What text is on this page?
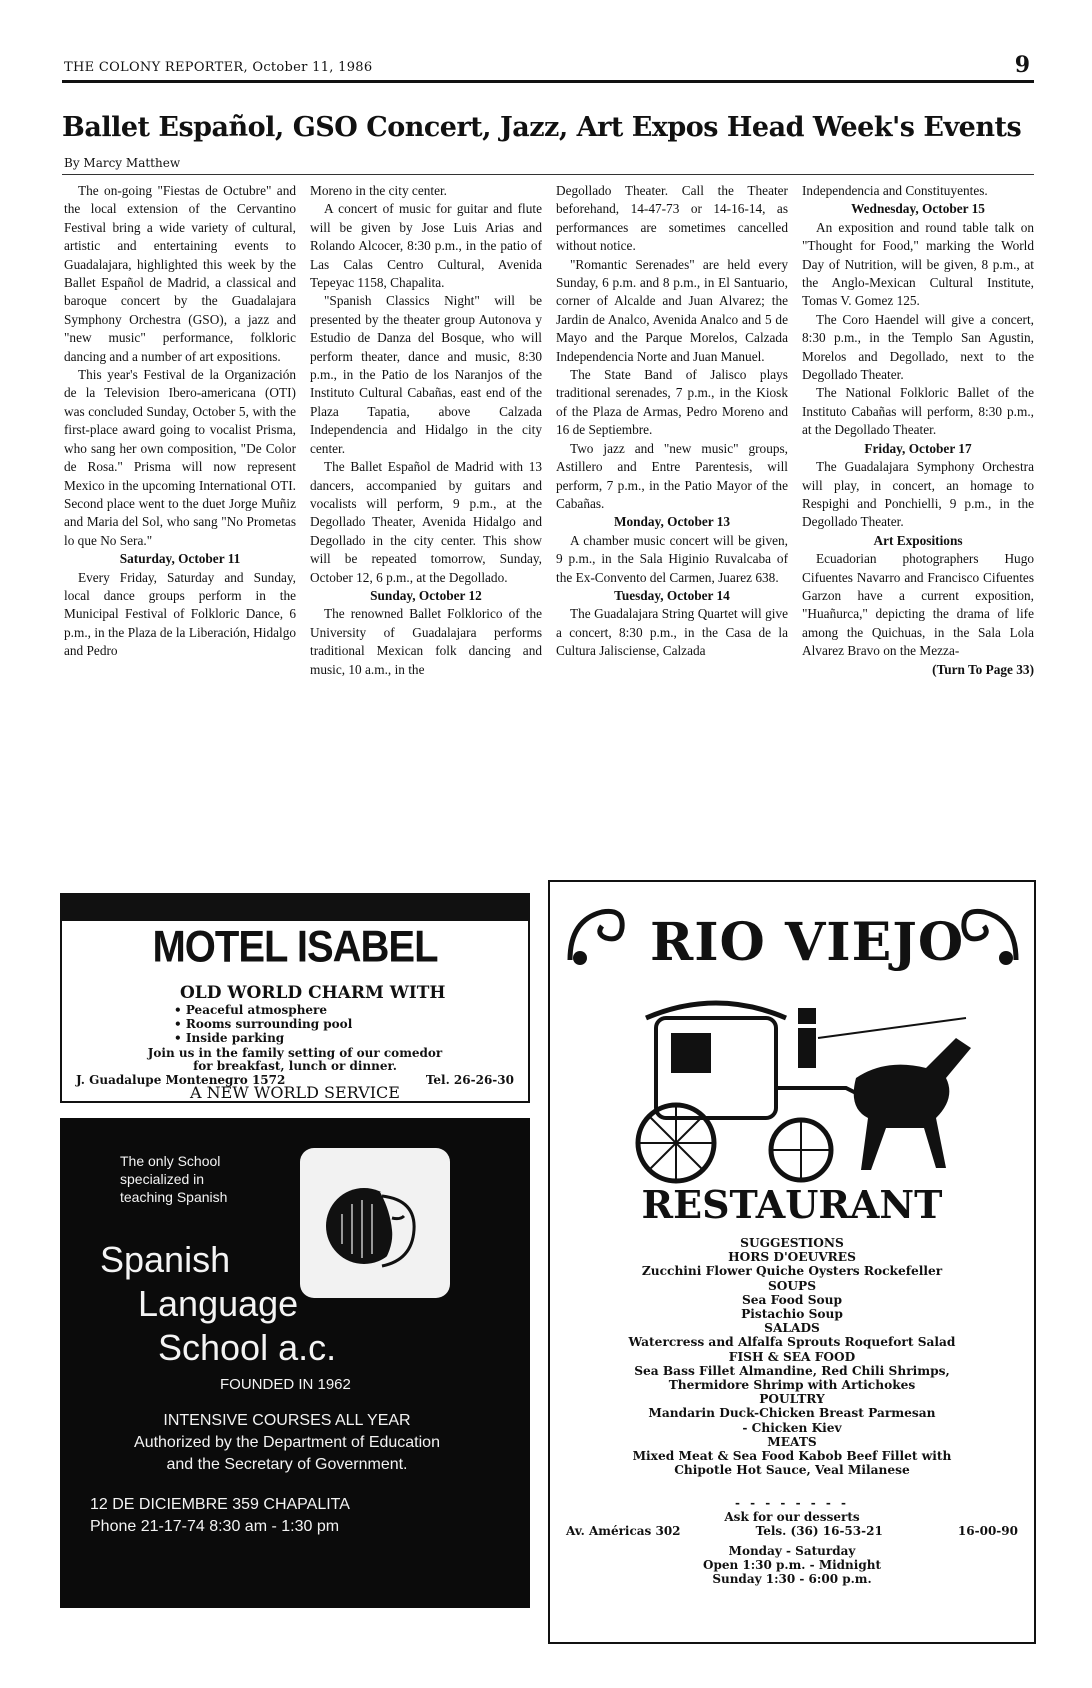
THE COLONY REPORTER, October 11, 1986	9
Ballet Español, GSO Concert, Jazz, Art Expos Head Week's Events
By Marcy Matthew

The on-going "Fiestas de Octubre" and the local extension of the Cervantino Festival bring a wide variety of cultural, artistic and entertaining events to Guadalajara, highlighted this week by the Ballet Español de Madrid, a classical and baroque concert by the Guadalajara Symphony Orchestra (GSO), a jazz and "new music" performance, folkloric dancing and a number of art expositions.

This year's Festival de la Organización de la Television Ibero-americana (OTI) was concluded Sunday, October 5, with the first-place award going to vocalist Prisma, who sang her own composition, "De Color de Rosa." Prisma will now represent Mexico in the upcoming International OTI. Second place went to the duet Jorge Muñiz and Maria del Sol, who sang "No Prometas lo que No Sera."

Saturday, October 11

Every Friday, Saturday and Sunday, local dance groups perform in the Municipal Festival of Folkloric Dance, 6 p.m., in the Plaza de la Liberación, Hidalgo and Pedro

Moreno in the city center.

A concert of music for guitar and flute will be given by Jose Luis Arias and Rolando Alcocer, 8:30 p.m., in the patio of Las Calas Centro Cultural, Avenida Tepeyac 1158, Chapalita.

"Spanish Classics Night" will be presented by the theater group Autonova y Estudio de Danza del Bosque, who will perform theater, dance and music, 8:30 p.m., in the Patio de los Naranjos of the Instituto Cultural Cabañas, east end of the Plaza Tapatia, above Calzada Independencia and Hidalgo in the city center.

The Ballet Español de Madrid with 13 dancers, accompanied by guitars and vocalists will perform, 9 p.m., at the Degollado Theater, Avenida Hidalgo and Degollado in the city center. This show will be repeated tomorrow, Sunday, October 12, 6 p.m., at the Degollado.

Sunday, October 12

The renowned Ballet Folklorico of the University of Guadalajara performs traditional Mexican folk dancing and music, 10 a.m., in the

Degollado Theater. Call the Theater beforehand, 14-47-73 or 14-16-14, as performances are sometimes cancelled without notice.

"Romantic Serenades" are held every Sunday, 6 p.m. and 8 p.m., in El Santuario, corner of Alcalde and Juan Alvarez; the Jardin de Analco, Avenida Analco and 5 de Mayo and the Parque Morelos, Calzada Independencia Norte and Juan Manuel.

The State Band of Jalisco plays traditional serenades, 7 p.m., in the Kiosk of the Plaza de Armas, Pedro Moreno and 16 de Septiembre.

Two jazz and "new music" groups, Astillero and Entre Parentesis, will perform, 7 p.m., in the Patio Mayor of the Cabañas.

Monday, October 13

A chamber music concert will be given, 9 p.m., in the Sala Higinio Ruvalcaba of the Ex-Convento del Carmen, Juarez 638.

Tuesday, October 14

The Guadalajara String Quartet will give a concert, 8:30 p.m., in the Casa de la Cultura Jalisciense, Calzada

Independencia and Constituyentes.

Wednesday, October 15

An exposition and round table talk on "Thought for Food," marking the World Day of Nutrition, will be given, 8 p.m., at the Anglo-Mexican Cultural Institute, Tomas V. Gomez 125.

The Coro Haendel will give a concert, 8:30 p.m., in the Templo San Agustin, Morelos and Degollado, next to the Degollado Theater.

The National Folkloric Ballet of the Instituto Cabañas will perform, 8:30 p.m., at the Degollado Theater.

Friday, October 17

The Guadalajara Symphony Orchestra will play, in concert, an homage to Respighi and Ponchielli, 9 p.m., in the Degollado Theater.

Art Expositions

Ecuadorian photographers Hugo Cifuentes Navarro and Francisco Cifuentes Garzon have a current exposition, "Huañurca," depicting the drama of life among the Quichuas, in the Sala Lola Alvarez Bravo on the Mezza-

(Turn To Page 33)

MOTEL ISABEL
OLD WORLD CHARM WITH
• Peaceful atmosphere
• Rooms surrounding pool
• Inside parking
Join us in the family setting of our comedor
for breakfast, lunch or dinner.
J. Guadalupe Montenegro 1572	Tel. 26-26-30
A NEW WORLD SERVICE
The only School
specialized in
teaching Spanish
Spanish
Language
School a.c.
FOUNDED IN 1962
INTENSIVE COURSES ALL YEAR
Authorized by the Department of Education
and the Secretary of Government.
12 DE DICIEMBRE 359 CHAPALITA
Phone 21-17-74 8:30 am - 1:30 pm
RIO VIEJO
RESTAURANT
SUGGESTIONS
HORS D'OEUVRES
Zucchini Flower Quiche Oysters Rockefeller
SOUPS
Sea Food Soup
Pistachio Soup
SALADS
Watercress and Alfalfa Sprouts Roquefort Salad
FISH & SEA FOOD
Sea Bass Fillet Almandine, Red Chili Shrimps,
Thermidore Shrimp with Artichokes
POULTRY
Mandarin Duck-Chicken Breast Parmesan
- Chicken Kiev
MEATS
Mixed Meat & Sea Food Kabob Beef Fillet with
Chipotle Hot Sauce, Veal Milanese
- - - - - - - -
Ask for our desserts
Av. Américas 302	Tels. (36) 16-53-21	16-00-90
Monday - Saturday
Open 1:30 p.m. - Midnight
Sunday 1:30 - 6:00 p.m.
